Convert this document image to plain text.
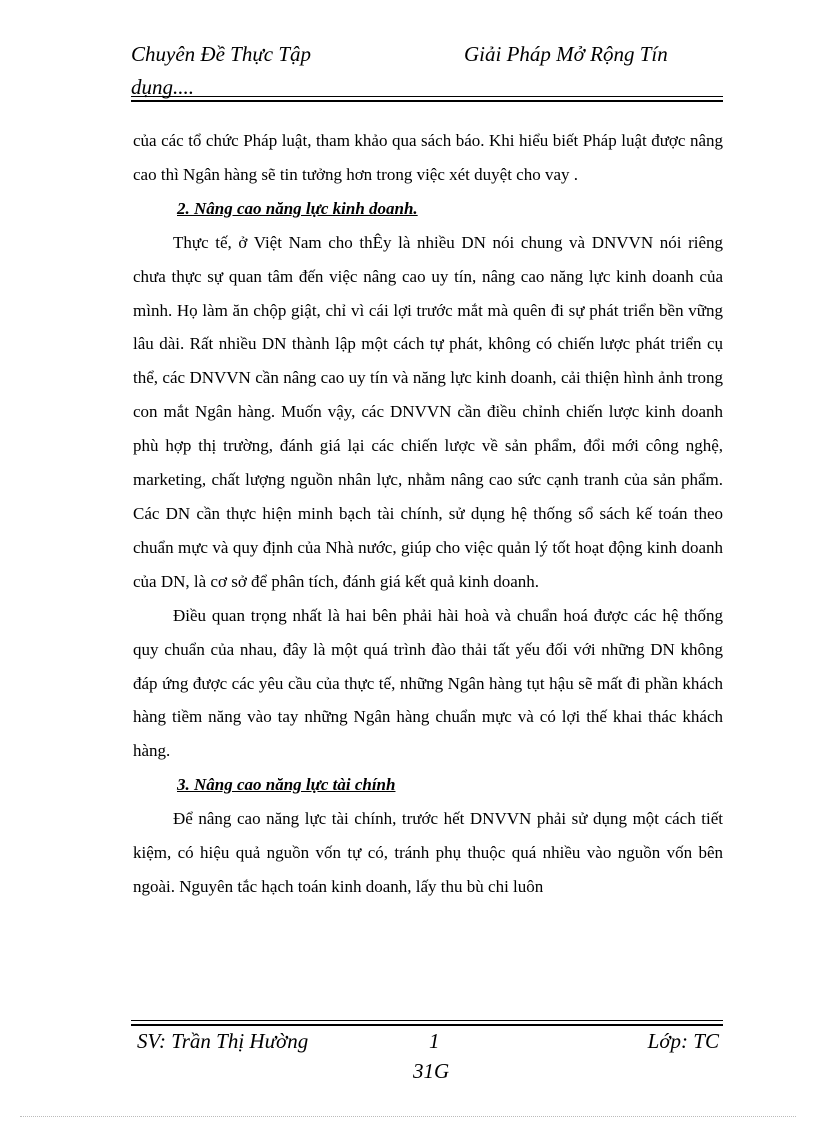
Chuyên Đề Thực Tập	Giải Pháp Mở Rộng Tín
dụng....

của các tổ chức Pháp luật, tham khảo qua sách báo. Khi hiểu biết Pháp luật được nâng cao thì Ngân hàng sẽ tin tưởng hơn trong việc xét duyệt cho vay .

2. Nâng cao năng lực kinh doanh.

Thực tế, ở Việt Nam cho thÊy là nhiều DN nói chung và DNVVN nói riêng chưa thực sự quan tâm đến việc nâng cao uy tín, nâng cao năng lực kinh doanh của mình. Họ làm ăn chộp giật, chỉ vì cái lợi trước mắt mà quên đi sự phát triển bền vững lâu dài. Rất nhiều DN thành lập một cách tự phát, không có chiến lược phát triển cụ thể, các DNVVN cần nâng cao uy tín và năng lực kinh doanh, cải thiện hình ảnh trong con mắt Ngân hàng. Muốn vậy, các DNVVN cần điều chỉnh chiến lược kinh doanh phù hợp thị trường, đánh giá lại các chiến lược về sản phẩm, đổi mới công nghệ, marketing, chất lượng nguồn nhân lực, nhằm nâng cao sức cạnh tranh của sản phẩm. Các DN cần thực hiện minh bạch tài chính, sử dụng hệ thống sổ sách kế toán theo chuẩn mực và quy định của Nhà nước, giúp cho việc quản lý tốt hoạt động kinh doanh của DN, là cơ sở để phân tích, đánh giá kết quả kinh doanh.

Điều quan trọng nhất là hai bên phải hài hoà và chuẩn hoá được các hệ thống quy chuẩn của nhau, đây là một quá trình đào thải tất yếu đối với những DN không đáp ứng được các yêu cầu của thực tế, những Ngân hàng tụt hậu sẽ mất đi phần khách hàng tiềm năng vào tay những Ngân hàng chuẩn mực và có lợi thế khai thác khách hàng.

3. Nâng cao năng lực tài chính

Để nâng cao năng lực tài chính, trước hết DNVVN phải sử dụng một cách tiết kiệm, có hiệu quả nguồn vốn tự có, tránh phụ thuộc quá nhiều vào nguồn vốn bên ngoài. Nguyên tắc hạch toán kinh doanh, lấy thu bù chi luôn

SV: Trần Thị Hường	1	Lớp: TC
31G
